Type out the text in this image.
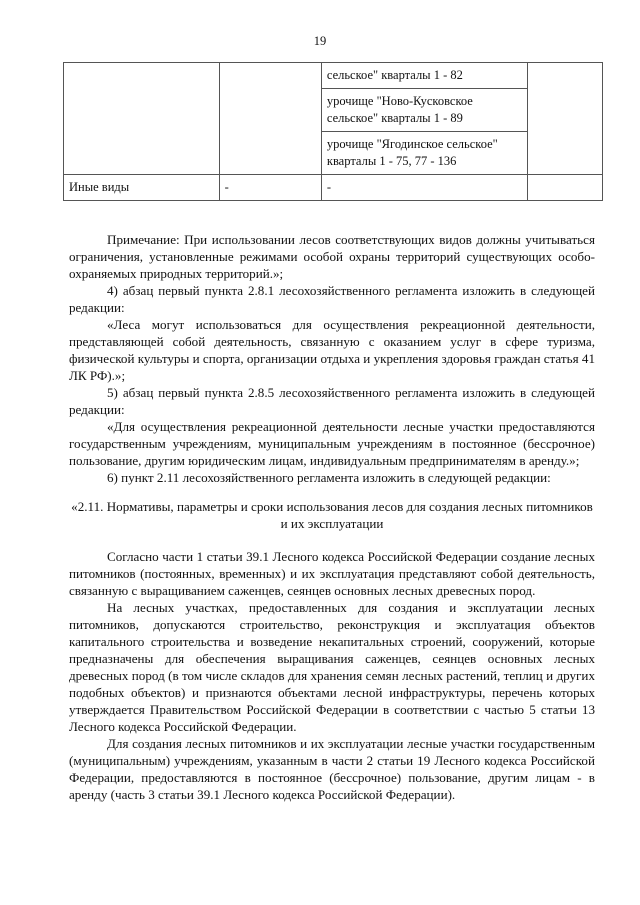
19

		сельское" кварталы 1 - 82
урочище "Ново-Кусковское сельское" кварталы 1 - 89
урочище "Ягодинское сельское" кварталы 1 - 75, 77 - 136	

Иные виды	-	-	

Примечание: При использовании лесов соответствующих видов должны учитываться ограничения, установленные режимами особой охраны территорий существующих особо-охраняемых природных территорий.»;

4) абзац первый пункта 2.8.1 лесохозяйственного регламента изложить в следующей редакции:

«Леса могут использоваться для осуществления рекреационной деятельности, представляющей собой деятельность, связанную с оказанием услуг в сфере туризма, физической культуры и спорта, организации отдыха и укрепления здоровья граждан статья 41 ЛК РФ).»;

5) абзац первый пункта 2.8.5 лесохозяйственного регламента изложить в следующей редакции:

«Для осуществления рекреационной деятельности лесные участки предоставляются государственным учреждениям, муниципальным учреждениям в постоянное (бессрочное) пользование, другим юридическим лицам, индивидуальным предпринимателям в аренду.»;

6) пункт 2.11 лесохозяйственного регламента изложить в следующей редакции:

«2.11. Нормативы, параметры и сроки использования лесов для создания лесных питомников и их эксплуатации

Согласно части 1 статьи 39.1 Лесного кодекса Российской Федерации создание лесных питомников (постоянных, временных) и их эксплуатация представляют собой деятельность, связанную с выращиванием саженцев, сеянцев основных лесных древесных пород.

На лесных участках, предоставленных для создания и эксплуатации лесных питомников, допускаются строительство, реконструкция и эксплуатация объектов капитального строительства и возведение некапитальных строений, сооружений, которые предназначены для обеспечения выращивания саженцев, сеянцев основных лесных древесных пород (в том числе складов для хранения семян лесных растений, теплиц и других подобных объектов) и признаются объектами лесной инфраструктуры, перечень которых утверждается Правительством Российской Федерации в соответствии с частью 5 статьи 13 Лесного кодекса Российской Федерации.

Для создания лесных питомников и их эксплуатации лесные участки государственным (муниципальным) учреждениям, указанным в части 2 статьи 19 Лесного кодекса Российской Федерации, предоставляются в постоянное (бессрочное) пользование, другим лицам - в аренду (часть 3 статьи 39.1 Лесного кодекса Российской Федерации).
